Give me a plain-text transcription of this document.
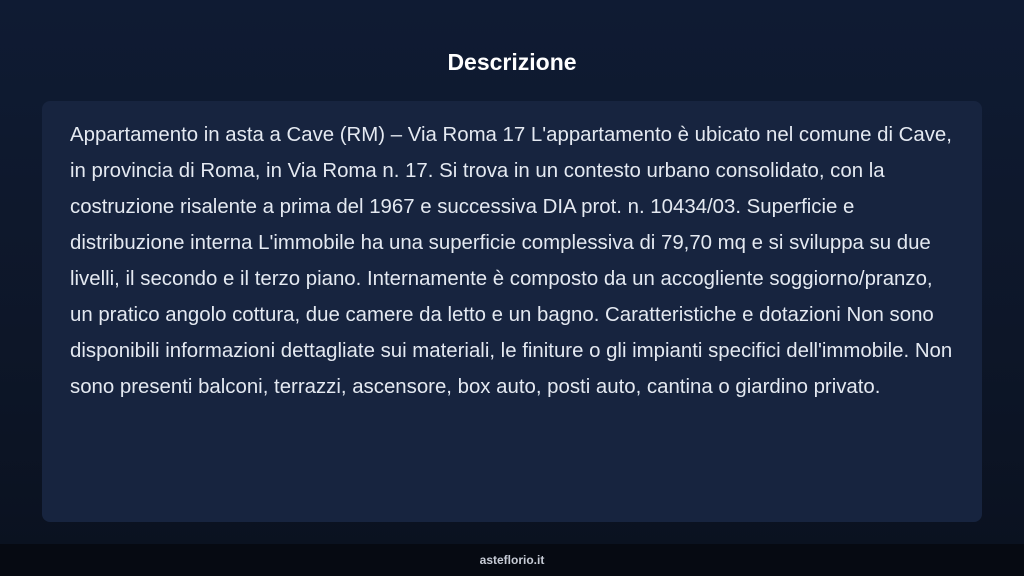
Descrizione

Appartamento in asta a Cave (RM) – Via Roma 17 L'appartamento è ubicato nel comune di Cave, in provincia di Roma, in Via Roma n. 17. Si trova in un contesto urbano consolidato, con la costruzione risalente a prima del 1967 e successiva DIA prot. n. 10434/03. Superficie e distribuzione interna L'immobile ha una superficie complessiva di 79,70 mq e si sviluppa su due livelli, il secondo e il terzo piano. Internamente è composto da un accogliente soggiorno/pranzo, un pratico angolo cottura, due camere da letto e un bagno. Caratteristiche e dotazioni Non sono disponibili informazioni dettagliate sui materiali, le finiture o gli impianti specifici dell'immobile. Non sono presenti balconi, terrazzi, ascensore, box auto, posti auto, cantina o giardino privato.

asteflorio.it
